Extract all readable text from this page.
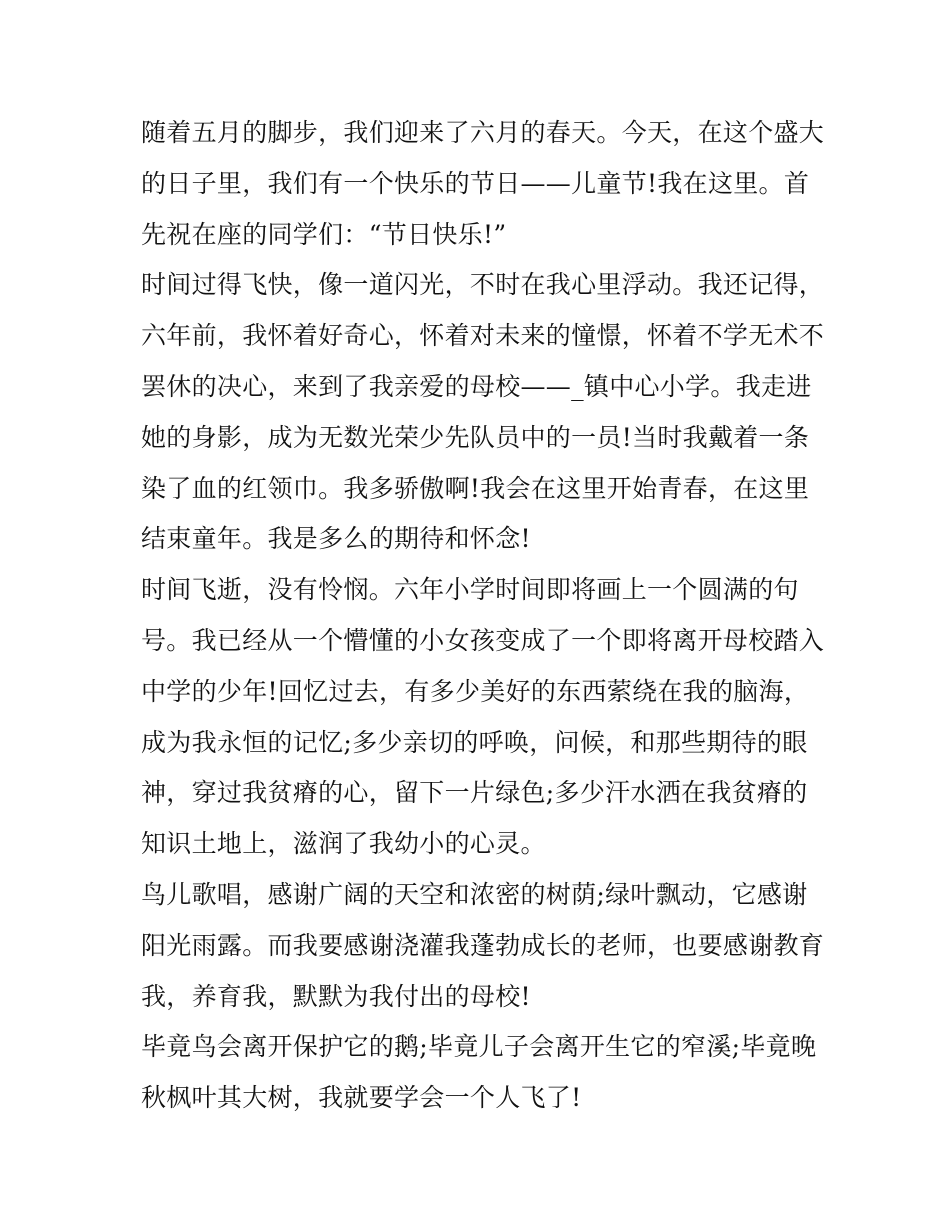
随着五月的脚步，我们迎来了六月的春天。今天，在这个盛大
的日子里，我们有一个快乐的节日——儿童节!我在这里。首
先祝在座的同学们：“节日快乐!”
时间过得飞快，像一道闪光，不时在我心里浮动。我还记得，
六年前，我怀着好奇心，怀着对未来的憧憬，怀着不学无术不
罢休的决心，来到了我亲爱的母校——_镇中心小学。我走进
她的身影，成为无数光荣少先队员中的一员!当时我戴着一条
染了血的红领巾。我多骄傲啊!我会在这里开始青春，在这里
结束童年。我是多么的期待和怀念!
时间飞逝，没有怜悯。六年小学时间即将画上一个圆满的句
号。我已经从一个懵懂的小女孩变成了一个即将离开母校踏入
中学的少年!回忆过去，有多少美好的东西萦绕在我的脑海，
成为我永恒的记忆;多少亲切的呼唤，问候，和那些期待的眼
神，穿过我贫瘠的心，留下一片绿色;多少汗水洒在我贫瘠的
知识土地上，滋润了我幼小的心灵。
鸟儿歌唱，感谢广阔的天空和浓密的树荫;绿叶飘动，它感谢
阳光雨露。而我要感谢浇灌我蓬勃成长的老师，也要感谢教育
我，养育我，默默为我付出的母校!
毕竟鸟会离开保护它的鹅;毕竟儿子会离开生它的窄溪;毕竟晚
秋枫叶其大树，我就要学会一个人飞了!
